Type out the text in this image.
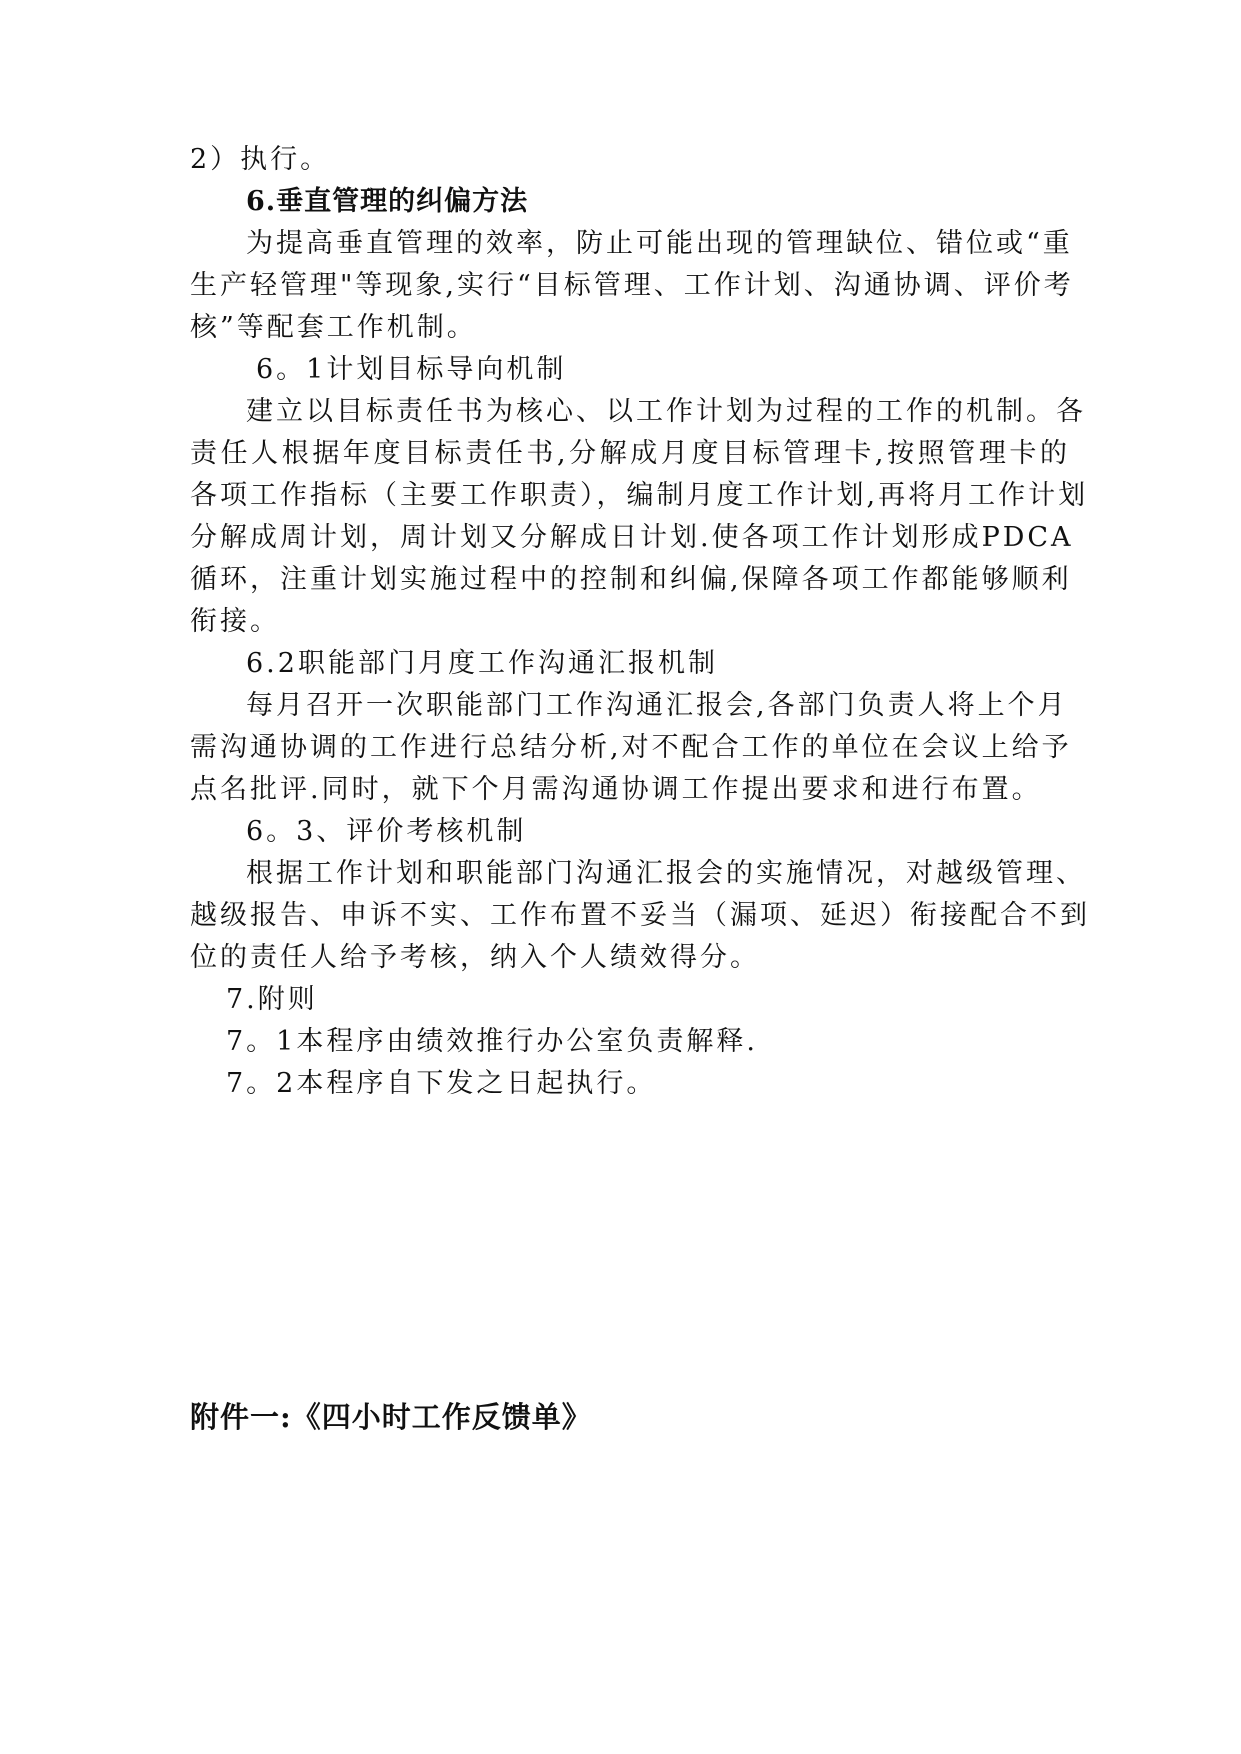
2）执行。
6.垂直管理的纠偏方法
为提高垂直管理的效率，防止可能出现的管理缺位、错位或“重
生产轻管理"等现象,实行“目标管理、工作计划、沟通协调、评价考
核”等配套工作机制。
6。1计划目标导向机制
建立以目标责任书为核心、以工作计划为过程的工作的机制。各
责任人根据年度目标责任书,分解成月度目标管理卡,按照管理卡的
各项工作指标（主要工作职责），编制月度工作计划,再将月工作计划
分解成周计划，周计划又分解成日计划.使各项工作计划形成PDCA
循环，注重计划实施过程中的控制和纠偏,保障各项工作都能够顺利
衔接。
6.2职能部门月度工作沟通汇报机制
每月召开一次职能部门工作沟通汇报会,各部门负责人将上个月
需沟通协调的工作进行总结分析,对不配合工作的单位在会议上给予
点名批评.同时，就下个月需沟通协调工作提出要求和进行布置。
6。3、评价考核机制
根据工作计划和职能部门沟通汇报会的实施情况，对越级管理、
越级报告、申诉不实、工作布置不妥当（漏项、延迟）衔接配合不到
位的责任人给予考核，纳入个人绩效得分。
7.附则
7。1本程序由绩效推行办公室负责解释.
7。2本程序自下发之日起执行。
附件一:《四小时工作反馈单》
